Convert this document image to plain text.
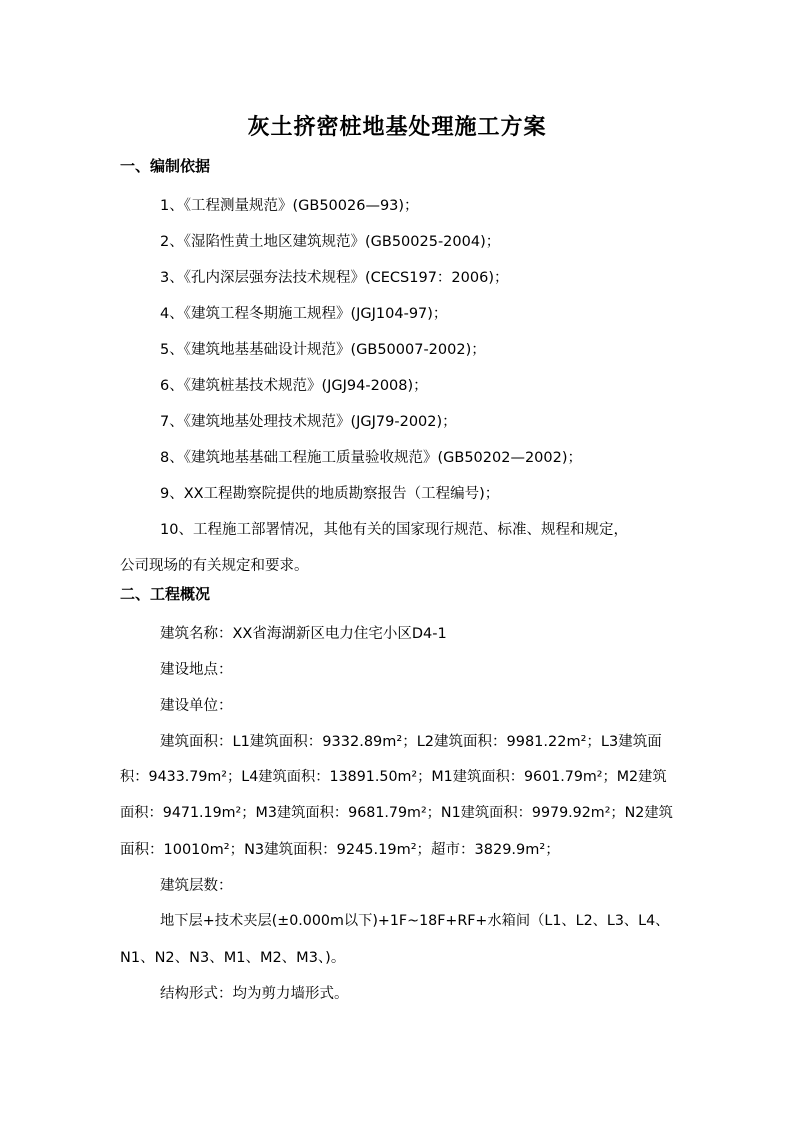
灰土挤密桩地基处理施工方案
一、编制依据
1、《工程测量规范》(GB50026—93)；
2、《湿陷性黄土地区建筑规范》(GB50025-2004)；
3、《孔内深层强夯法技术规程》(CECS197：2006)；
4、《建筑工程冬期施工规程》(JGJ104-97)；
5、《建筑地基基础设计规范》(GB50007-2002)；
6、《建筑桩基技术规范》(JGJ94-2008)；
7、《建筑地基处理技术规范》(JGJ79-2002)；
8、《建筑地基基础工程施工质量验收规范》(GB50202—2002)；
9、XX工程勘察院提供的地质勘察报告（工程编号)；
10、工程施工部署情况，其他有关的国家现行规范、标准、规程和规定，
公司现场的有关规定和要求。
二、工程概况
建筑名称：XX省海湖新区电力住宅小区D4-1
建设地点：
建设单位：
建筑面积：L1建筑面积：9332.89m²；L2建筑面积：9981.22m²；L3建筑面
积：9433.79m²；L4建筑面积：13891.50m²；M1建筑面积：9601.79m²；M2建筑
面积：9471.19m²；M3建筑面积：9681.79m²；N1建筑面积：9979.92m²；N2建筑
面积：10010m²；N3建筑面积：9245.19m²；超市：3829.9m²；
建筑层数：
地下层+技术夹层(±0.000m以下)+1F~18F+RF+水箱间（L1、L2、L3、L4、
N1、N2、N3、M1、M2、M3、)。
结构形式：均为剪力墙形式。
